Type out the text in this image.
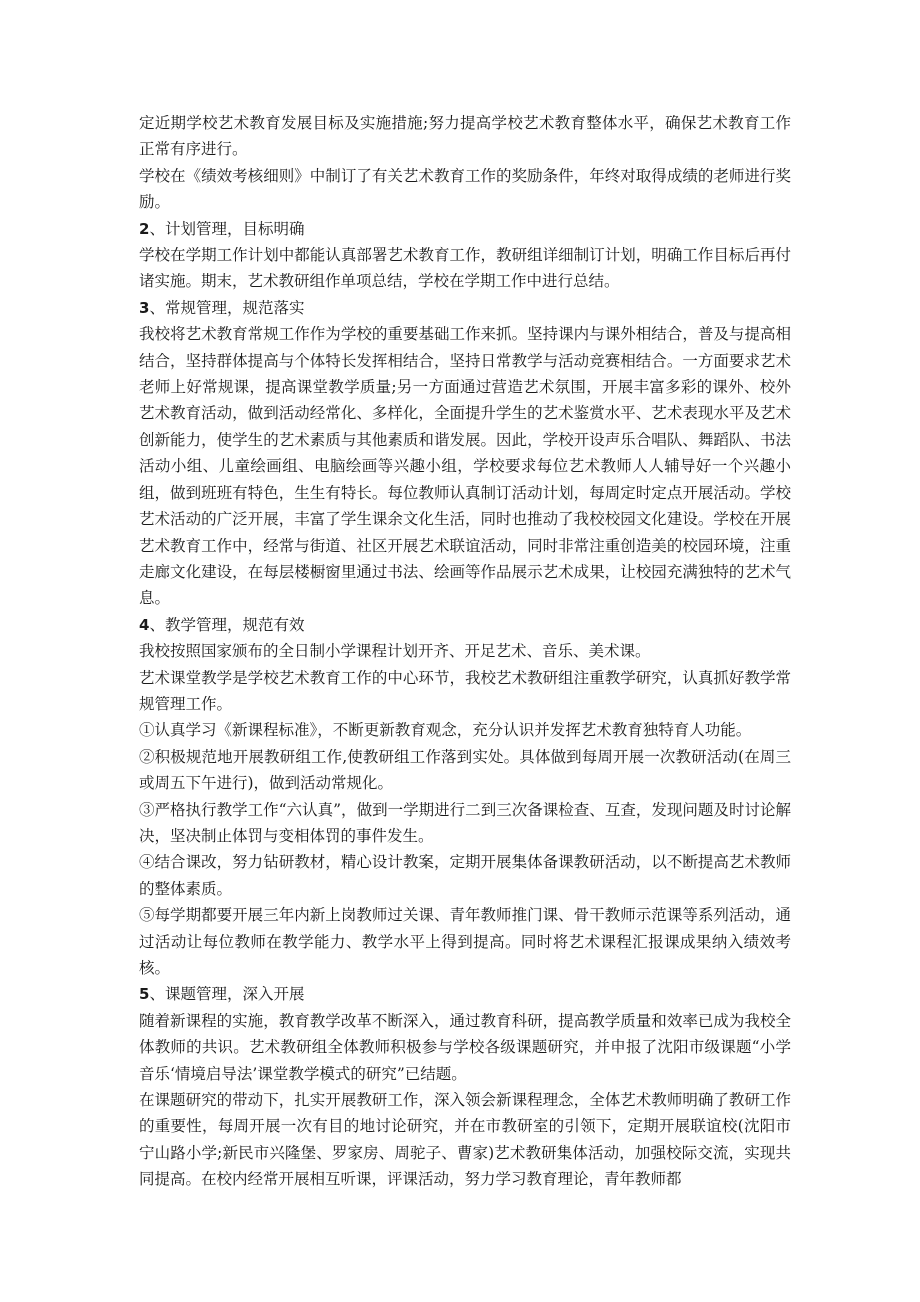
定近期学校艺术教育发展目标及实施措施;努力提高学校艺术教育整体水平，确保艺术教育工作正常有序进行。

学校在《绩效考核细则》中制订了有关艺术教育工作的奖励条件，年终对取得成绩的老师进行奖励。

2、计划管理，目标明确

学校在学期工作计划中都能认真部署艺术教育工作，教研组详细制订计划，明确工作目标后再付诸实施。期末，艺术教研组作单项总结，学校在学期工作中进行总结。

3、常规管理，规范落实

我校将艺术教育常规工作作为学校的重要基础工作来抓。坚持课内与课外相结合，普及与提高相结合，坚持群体提高与个体特长发挥相结合，坚持日常教学与活动竞赛相结合。一方面要求艺术老师上好常规课，提高课堂教学质量;另一方面通过营造艺术氛围，开展丰富多彩的课外、校外艺术教育活动，做到活动经常化、多样化，全面提升学生的艺术鉴赏水平、艺术表现水平及艺术创新能力，使学生的艺术素质与其他素质和谐发展。因此，学校开设声乐合唱队、舞蹈队、书法活动小组、儿童绘画组、电脑绘画等兴趣小组，学校要求每位艺术教师人人辅导好一个兴趣小组，做到班班有特色，生生有特长。每位教师认真制订活动计划，每周定时定点开展活动。学校艺术活动的广泛开展，丰富了学生课余文化生活，同时也推动了我校校园文化建设。学校在开展艺术教育工作中，经常与街道、社区开展艺术联谊活动，同时非常注重创造美的校园环境，注重走廊文化建设，在每层楼橱窗里通过书法、绘画等作品展示艺术成果，让校园充满独特的艺术气息。

4、教学管理，规范有效

我校按照国家颁布的全日制小学课程计划开齐、开足艺术、音乐、美术课。

艺术课堂教学是学校艺术教育工作的中心环节，我校艺术教研组注重教学研究，认真抓好教学常规管理工作。

①认真学习《新课程标准》，不断更新教育观念，充分认识并发挥艺术教育独特育人功能。

②积极规范地开展教研组工作,使教研组工作落到实处。具体做到每周开展一次教研活动(在周三或周五下午进行)，做到活动常规化。

③严格执行教学工作“六认真”，做到一学期进行二到三次备课检查、互查，发现问题及时讨论解决，坚决制止体罚与变相体罚的事件发生。

④结合课改，努力钻研教材，精心设计教案，定期开展集体备课教研活动，以不断提高艺术教师的整体素质。

⑤每学期都要开展三年内新上岗教师过关课、青年教师推门课、骨干教师示范课等系列活动，通过活动让每位教师在教学能力、教学水平上得到提高。同时将艺术课程汇报课成果纳入绩效考核。

5、课题管理，深入开展

随着新课程的实施，教育教学改革不断深入，通过教育科研，提高教学质量和效率已成为我校全体教师的共识。艺术教研组全体教师积极参与学校各级课题研究，并申报了沈阳市级课题“小学音乐‘情境启导法’课堂教学模式的研究”已结题。

在课题研究的带动下，扎实开展教研工作，深入领会新课程理念，全体艺术教师明确了教研工作的重要性，每周开展一次有目的地讨论研究，并在市教研室的引领下，定期开展联谊校(沈阳市宁山路小学;新民市兴隆堡、罗家房、周驼子、曹家)艺术教研集体活动，加强校际交流，实现共同提高。在校内经常开展相互听课，评课活动，努力学习教育理论，青年教师都
